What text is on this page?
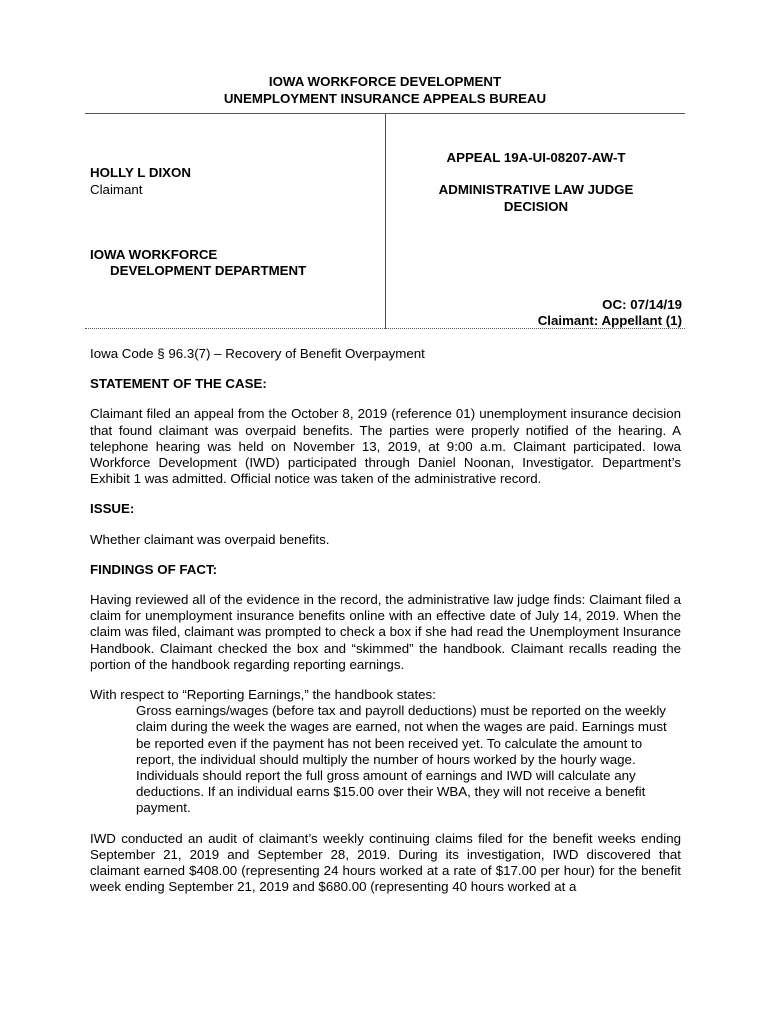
IOWA WORKFORCE DEVELOPMENT
UNEMPLOYMENT INSURANCE APPEALS BUREAU
APPEAL 19A-UI-08207-AW-T
HOLLY L DIXON
Claimant	ADMINISTRATIVE LAW JUDGE
DECISION
IOWA WORKFORCE
DEVELOPMENT DEPARTMENT
OC: 07/14/19
Claimant: Appellant (1)

Iowa Code § 96.3(7) – Recovery of Benefit Overpayment

STATEMENT OF THE CASE:

Claimant filed an appeal from the October 8, 2019 (reference 01) unemployment insurance decision that found claimant was overpaid benefits. The parties were properly notified of the hearing. A telephone hearing was held on November 13, 2019, at 9:00 a.m. Claimant participated. Iowa Workforce Development (IWD) participated through Daniel Noonan, Investigator. Department’s Exhibit 1 was admitted. Official notice was taken of the administrative record.

ISSUE:

Whether claimant was overpaid benefits.

FINDINGS OF FACT:

Having reviewed all of the evidence in the record, the administrative law judge finds: Claimant filed a claim for unemployment insurance benefits online with an effective date of July 14, 2019. When the claim was filed, claimant was prompted to check a box if she had read the Unemployment Insurance Handbook. Claimant checked the box and “skimmed” the handbook. Claimant recalls reading the portion of the handbook regarding reporting earnings.

With respect to “Reporting Earnings,” the handbook states:

Gross earnings/wages (before tax and payroll deductions) must be reported on the weekly claim during the week the wages are earned, not when the wages are paid. Earnings must be reported even if the payment has not been received yet. To calculate the amount to report, the individual should multiply the number of hours worked by the hourly wage. Individuals should report the full gross amount of earnings and IWD will calculate any deductions. If an individual earns $15.00 over their WBA, they will not receive a benefit payment.

IWD conducted an audit of claimant’s weekly continuing claims filed for the benefit weeks ending September 21, 2019 and September 28, 2019. During its investigation, IWD discovered that claimant earned $408.00 (representing 24 hours worked at a rate of $17.00 per hour) for the benefit week ending September 21, 2019 and $680.00 (representing 40 hours worked at a
